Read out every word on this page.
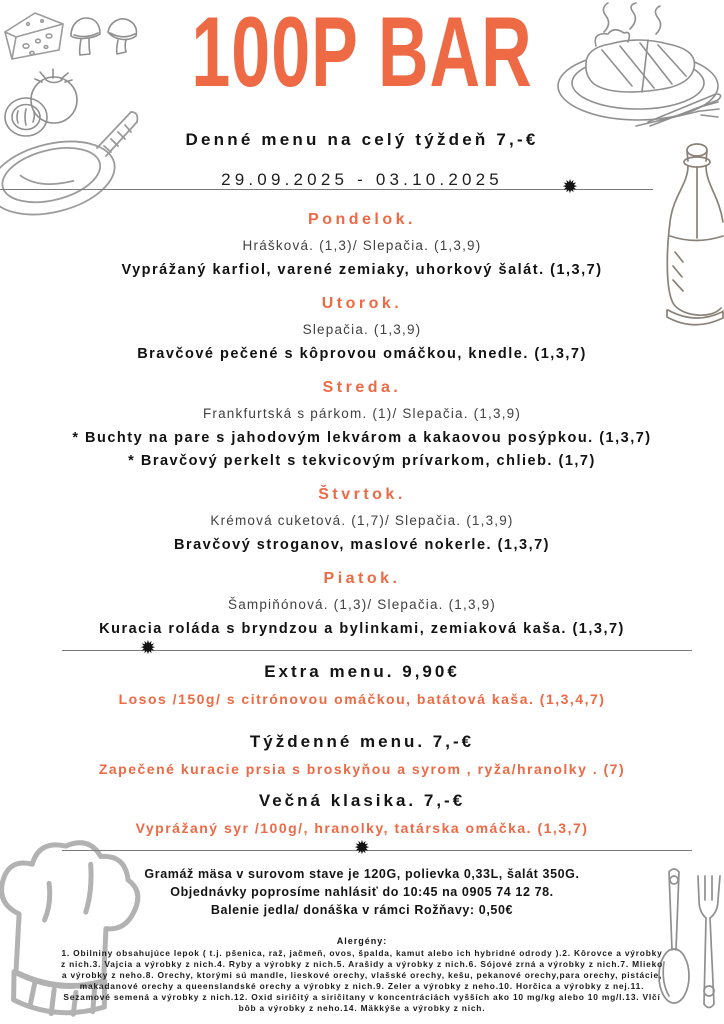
✹
✹
✹
100P BAR

Denné menu na celý týždeň 7,-€

29.09.2025 - 03.10.2025

Pondelok.

Hrášková. (1,3)/ Slepačia. (1,3,9)

Vyprážaný karfiol, varené zemiaky, uhorkový šalát. (1,3,7)

Utorok.

Slepačia. (1,3,9)

Bravčové pečené s kôprovou omáčkou, knedle. (1,3,7)

Streda.

Frankfurtská s párkom. (1)/ Slepačia. (1,3,9)

* Buchty na pare s jahodovým lekvárom a kakaovou posýpkou. (1,3,7)

* Bravčový perkelt s tekvicovým prívarkom, chlieb. (1,7)

Štvrtok.

Krémová cuketová. (1,7)/ Slepačia. (1,3,9)

Bravčový stroganov, maslové nokerle. (1,3,7)

Piatok.

Šampiňónová. (1,3)/ Slepačia. (1,3,9)

Kuracia roláda s bryndzou a bylinkami, zemiaková kaša. (1,3,7)

Extra menu. 9,90€

Losos /150g/ s citrónovou omáčkou, batátová kaša. (1,3,4,7)

Týždenné menu. 7,-€

Zapečené kuracie prsia s broskyňou a syrom , ryža/hranolky . (7)

Večná klasika. 7,-€

Vyprážaný syr /100g/, hranolky, tatárska omáčka. (1,3,7)

Gramáž mäsa v surovom stave je 120G, polievka 0,33L, šalát 350G.

Objednávky poprosíme nahlásiť do 10:45 na 0905 74 12 78.

Balenie jedla/ donáška v rámci Rožňavy: 0,50€

Alergény:

1. Obilniny obsahujúce lepok ( t.j. pšenica, raž, jačmeň, ovos, špalda, kamut alebo ich hybridné odrody ).2. Kôrovce a výrobky z nich.3. Vajcia a výrobky z nich.4. Ryby a výrobky z nich.5. Arašidy a výrobky z nich.6. Sójové zrná a výrobky z nich.7. Mlieko a výrobky z neho.8. Orechy, ktorými sú mandle, lieskové orechy, vlašské orechy, kešu, pekanové orechy,para orechy, pistácie, makadanové orechy a queenslandské orechy a výrobky z nich.9. Zeler a výrobky z neho.10. Horčica a výrobky z nej.11. Sezamové semená a výrobky z nich.12. Oxid siričitý a siričitany v koncentráciách vyšších ako 10 mg/kg alebo 10 mg/l.13. Vlčí bôb a výrobky z neho.14. Mäkkýše a výrobky z nich.
